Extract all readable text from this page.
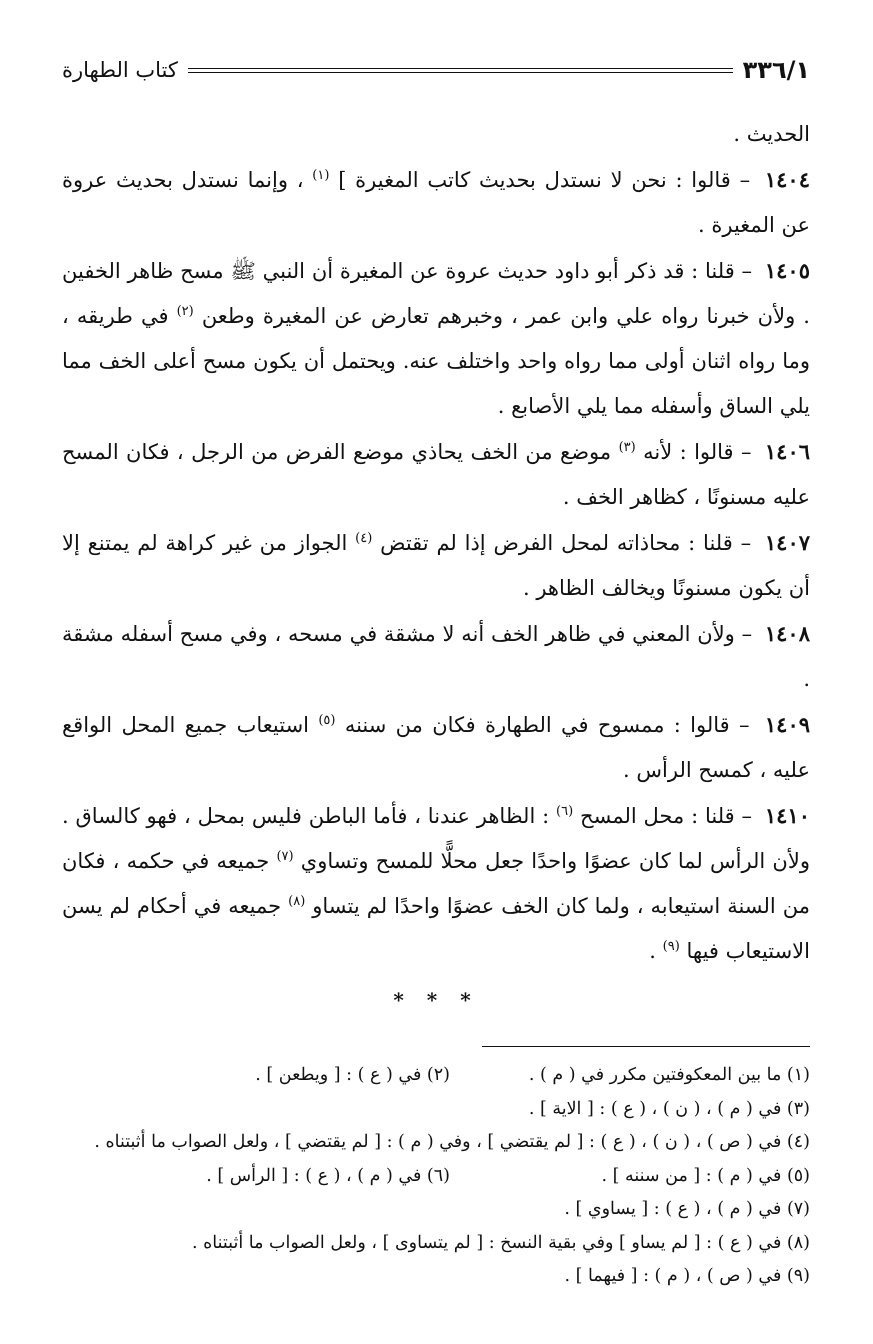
٣٣٦/١
كتاب الطهارة

الحديث .

١٤٠٤ – قالوا : نحن لا نستدل بحديث كاتب المغيرة ] $^{(١)}$ ، وإنما نستدل بحديث عروة عن المغيرة .

١٤٠٥ – قلنا : قد ذكر أبو داود حديث عروة عن المغيرة أن النبي ﷺ مسح ظاهر الخفين . ولأن خبرنا رواه علي وابن عمر ، وخبرهم تعارض عن المغيرة وطعن $^{(٢)}$ في طريقه ، وما رواه اثنان أولى مما رواه واحد واختلف عنه. ويحتمل أن يكون مسح أعلى الخف مما يلي الساق وأسفله مما يلي الأصابع .

١٤٠٦ – قالوا : لأنه $^{(٣)}$ موضع من الخف يحاذي موضع الفرض من الرجل ، فكان المسح عليه مسنونًا ، كظاهر الخف .

١٤٠٧ – قلنا : محاذاته لمحل الفرض إذا لم تقتض $^{(٤)}$ الجواز من غير كراهة لم يمتنع إلا أن يكون مسنونًا ويخالف الظاهر .

١٤٠٨ – ولأن المعني في ظاهر الخف أنه لا مشقة في مسحه ، وفي مسح أسفله مشقة .

١٤٠٩ – قالوا : ممسوح في الطهارة فكان من سننه $^{(٥)}$ استيعاب جميع المحل الواقع عليه ، كمسح الرأس .

١٤١٠ – قلنا : محل المسح $^{(٦)}$ : الظاهر عندنا ، فأما الباطن فليس بمحل ، فهو كالساق . ولأن الرأس لما كان عضوًا واحدًا جعل محلًّا للمسح وتساوي $^{(٧)}$ جميعه في حكمه ، فكان من السنة استيعابه ، ولما كان الخف عضوًا واحدًا لم يتساو $^{(٨)}$ جميعه في أحكام لم يسن الاستيعاب فيها $^{(٩)}$ .

* * *
(١) ما بين المعكوفتين مكرر في ( م ) .
(٢) في ( ع ) : [ ويطعن ] .
(٣) في ( م ) ، ( ن ) ، ( ع ) : [ الاية ] .
(٤) في ( ص ) ، ( ن ) ، ( ع ) : [ لم يقتضي ] ، وفي ( م ) : [ لم يقتضي ] ، ولعل الصواب ما أثبتناه .
(٥) في ( م ) : [ من سننه ] .
(٦) في ( م ) ، ( ع ) : [ الرأس ] .
(٧) في ( م ) ، ( ع ) : [ يساوي ] .
(٨) في ( ع ) : [ لم يساو ] وفي بقية النسخ : [ لم يتساوى ] ، ولعل الصواب ما أثبتناه .
(٩) في ( ص ) ، ( م ) : [ فيهما ] .
